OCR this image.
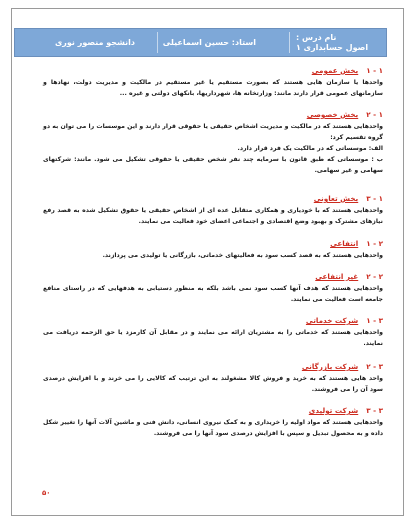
نام درس :
اصول حسابداری ۱
استاد: حسین اسماعیلی
دانشجو منصور نوری
۱ - ۱بخش عمومی
واحدها یا سازمان هایی هستند که بصورت مستقیم یا غیر مستقیم در مالکیت و مدیریت دولت، نهادها و سازمانهای عمومی قرار دارند مانند: وزارتخانه ها، شهرداریها، بانکهای دولتی و غیره ...
۱ - ۲بخش خصوصی
واحدهایی هستند که در مالکیت و مدیریت اشخاص حقیقی یا حقوقی قرار دارند و این موسسات را می توان به دو گروه تقسیم کرد:
الف: موسساتی که در مالکیت یک فرد قرار دارد.
ب : موسساتی که طبق قانون با سرمایه چند نفر شخص حقیقی یا حقوقی تشکیل می شود. مانند: شرکتهای سهامی و غیر سهامی.
۱ - ۳بخش تعاونی
واحدهایی هستند که با خودیاری و همکاری متقابل عده ای از اشخاص حقیقی یا حقوق تشکیل شده به قصد رفع نیازهای مشترک و بهبود وضع اقتصادی و اجتماعی اعضای خود فعالیت می نمایند.
۲ - ۱انتفاعی
واحدهایی هستند که به قصد کسب سود به فعالیتهای خدماتی، بازرگانی یا تولیدی می پردازند.
۲ - ۲غیر انتفاعی
واحدهایی هستند که هدف آنها کسب سود نمی باشد بلکه به منظور دستیابی به هدفهایی که در راستای منافع جامعه است فعالیت می نمایند.
۳ - ۱شرکت خدماتی
واحدهایی هستند که خدماتی را به مشتریان ارائه می نمایند و در مقابل آن کارمزد یا حق الزحمه دریافت می نمایند.
۳ - ۲شرکت بازرگانی
واحد هایی هستند که به خرید و فروش کالا مشغولند به این ترتیب که کالایی را می خرند و با افزایش درصدی سود آن را می فروشند.
۳ - ۳شرکت تولیدی
واحدهایی هستند که مواد اولیه را خریداری و به کمک نیروی انسانی، دانش فنی و ماشین آلات آنها را تغییر شکل داده و به محصول تبدیل و سپس با افزایش درصدی سود آنها را می فروشند.
۵۰
